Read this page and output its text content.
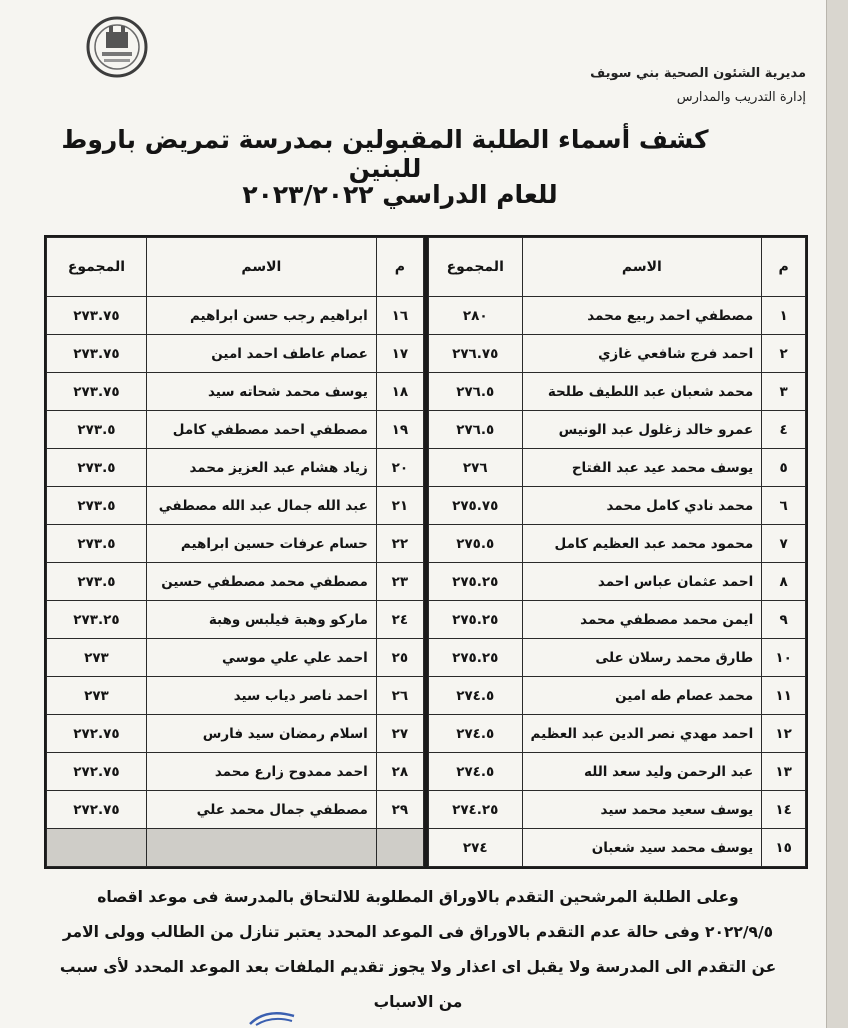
مديرية الشئون الصحية بني سويف
إدارة التدريب والمدارس
كشف أسماء الطلبة المقبولين بمدرسة تمريض باروط للبنين
للعام الدراسي ٢٠٢٣/٢٠٢٢
م	الاسم	المجموع
١	مصطفي احمد ربيع محمد	٢٨٠
٢	احمد فرج شافعي غازي	٢٧٦.٧٥
٣	محمد شعبان عبد اللطيف طلحة	٢٧٦.٥
٤	عمرو خالد زغلول عبد الونيس	٢٧٦.٥
٥	يوسف محمد عيد عبد الفتاح	٢٧٦
٦	محمد نادي كامل محمد	٢٧٥.٧٥
٧	محمود محمد عبد العظيم كامل	٢٧٥.٥
٨	احمد عثمان عباس احمد	٢٧٥.٢٥
٩	ايمن محمد مصطفي محمد	٢٧٥.٢٥
١٠	طارق محمد رسلان على	٢٧٥.٢٥
١١	محمد عصام طه امين	٢٧٤.٥
١٢	احمد مهدي نصر الدين عبد العظيم	٢٧٤.٥
١٣	عبد الرحمن وليد سعد الله	٢٧٤.٥
١٤	يوسف سعيد محمد سيد	٢٧٤.٢٥
١٥	يوسف محمد سيد شعبان	٢٧٤
م	الاسم	المجموع
١٦	ابراهيم رجب حسن ابراهيم	٢٧٣.٧٥
١٧	عصام عاطف احمد امين	٢٧٣.٧٥
١٨	يوسف محمد شحاته سيد	٢٧٣.٧٥
١٩	مصطفي احمد مصطفي كامل	٢٧٣.٥
٢٠	زياد هشام عبد العزيز محمد	٢٧٣.٥
٢١	عبد الله جمال عبد الله مصطفي	٢٧٣.٥
٢٢	حسام عرفات حسين ابراهيم	٢٧٣.٥
٢٣	مصطفي محمد مصطفي حسين	٢٧٣.٥
٢٤	ماركو وهبة فيلبس وهبة	٢٧٣.٢٥
٢٥	احمد علي علي موسي	٢٧٣
٢٦	احمد ناصر دياب سيد	٢٧٣
٢٧	اسلام رمضان سيد فارس	٢٧٢.٧٥
٢٨	احمد ممدوح زارع محمد	٢٧٢.٧٥
٢٩	مصطفي جمال محمد علي	٢٧٢.٧٥

وعلى الطلبة المرشحين التقدم بالاوراق المطلوبة للالتحاق بالمدرسة فى موعد اقصاه

٢٠٢٢/٩/٥ وفى حالة عدم التقدم بالاوراق فى الموعد المحدد يعتبر تنازل من الطالب وولى الامر

عن التقدم الى المدرسة ولا يقبل اى اعذار ولا يجوز تقديم الملفات بعد الموعد المحدد لأى سبب

من الاسباب
